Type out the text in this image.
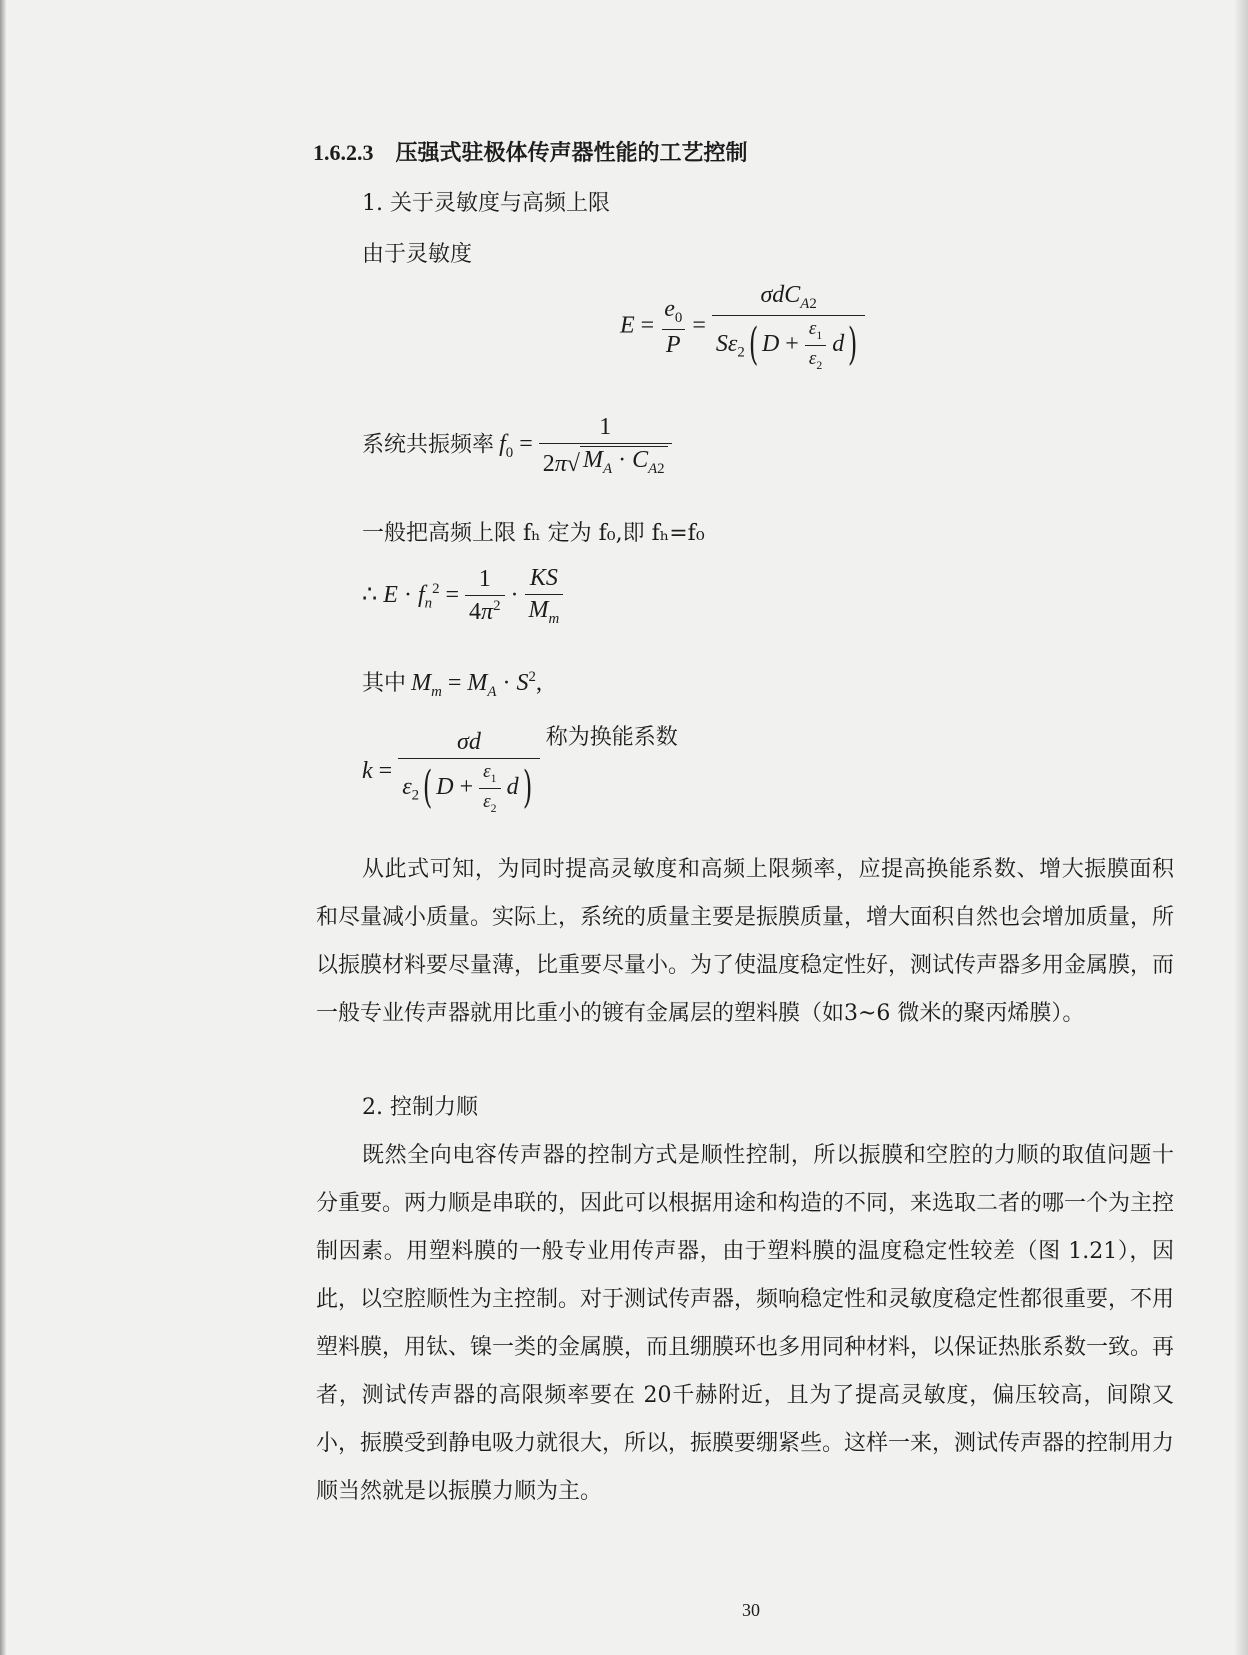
1.6.2.3 压强式驻极体传声器性能的工艺控制
1. 关于灵敏度与高频上限
由于灵敏度
$E = \frac{e_0}{P} = \frac{\sigma dC_{A2}}{S\varepsilon_2( D + \frac{\varepsilon_1}{\varepsilon_2} d)}$
系统共振频率 $f_0 = \frac{1}{2\pi√ M_A \cdot C_{A2}}$
一般把高频上限 fₕ 定为 f₀,即 fₕ=f₀
∴ $E \cdot f_n^2 = \frac{1}{4\pi^2} \cdot \frac{KS}{M_m}$
其中 $M_m = M_A \cdot S^2$,
$k = \frac{\sigma d}{\varepsilon_2( D + \frac{\varepsilon_1}{\varepsilon_2} d)}$ 称为换能系数
从此式可知，为同时提高灵敏度和高频上限频率，应提高换能系数、增大振膜面积和尽量减小质量。实际上，系统的质量主要是振膜质量，增大面积自然也会增加质量，所以振膜材料要尽量薄，比重要尽量小。为了使温度稳定性好，测试传声器多用金属膜，而一般专业传声器就用比重小的镀有金属层的塑料膜（如3~6 微米的聚丙烯膜）。
2. 控制力顺
既然全向电容传声器的控制方式是顺性控制，所以振膜和空腔的力顺的取值问题十分重要。两力顺是串联的，因此可以根据用途和构造的不同，来选取二者的哪一个为主控制因素。用塑料膜的一般专业用传声器，由于塑料膜的温度稳定性较差（图 1.21），因此，以空腔顺性为主控制。对于测试传声器，频响稳定性和灵敏度稳定性都很重要，不用塑料膜，用钛、镍一类的金属膜，而且绷膜环也多用同种材料，以保证热胀系数一致。再者，测试传声器的高限频率要在 20千赫附近，且为了提高灵敏度，偏压较高，间隙又小，振膜受到静电吸力就很大，所以，振膜要绷紧些。这样一来，测试传声器的控制用力顺当然就是以振膜力顺为主。
30
